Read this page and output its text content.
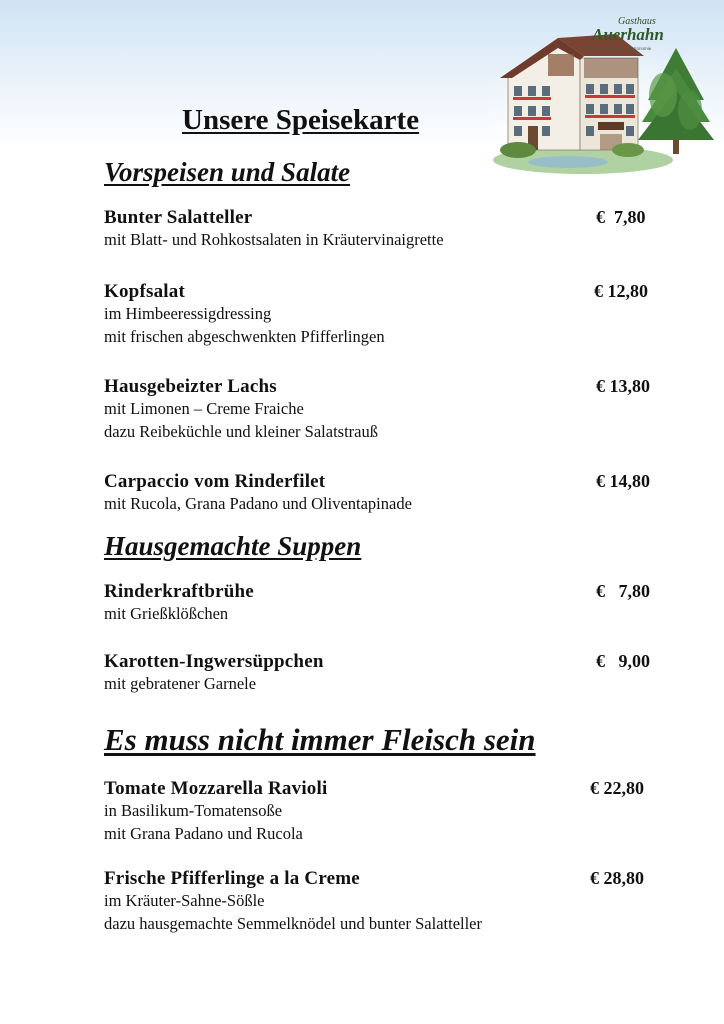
Gasthaus
Auerhahn
Familie Schuster · Gastronomie
Unsere Speisekarte
Vorspeisen und Salate
Bunter Salatteller	€  7,80
mit Blatt- und Rohkostsalaten in Kräutervinaigrette
Kopfsalat	€ 12,80
im Himbeeressigdressing
mit frischen abgeschwenkten Pfifferlingen
Hausgebeizter Lachs	€ 13,80
mit Limonen – Creme Fraiche
dazu Reibeküchle und kleiner Salatstrauß
Carpaccio vom Rinderfilet	€ 14,80
mit Rucola, Grana Padano und Oliventapinade
Hausgemachte Suppen
Rinderkraftbrühe	€   7,80
mit Grießklößchen
Karotten-Ingwersüppchen	€   9,00
mit gebratener Garnele
Es muss nicht immer Fleisch sein
Tomate Mozzarella Ravioli	€ 22,80
in Basilikum-Tomatensoße
mit Grana Padano und Rucola
Frische Pfifferlinge a la Creme	€ 28,80
im Kräuter-Sahne-Sößle
dazu hausgemachte Semmelknödel und bunter Salatteller
